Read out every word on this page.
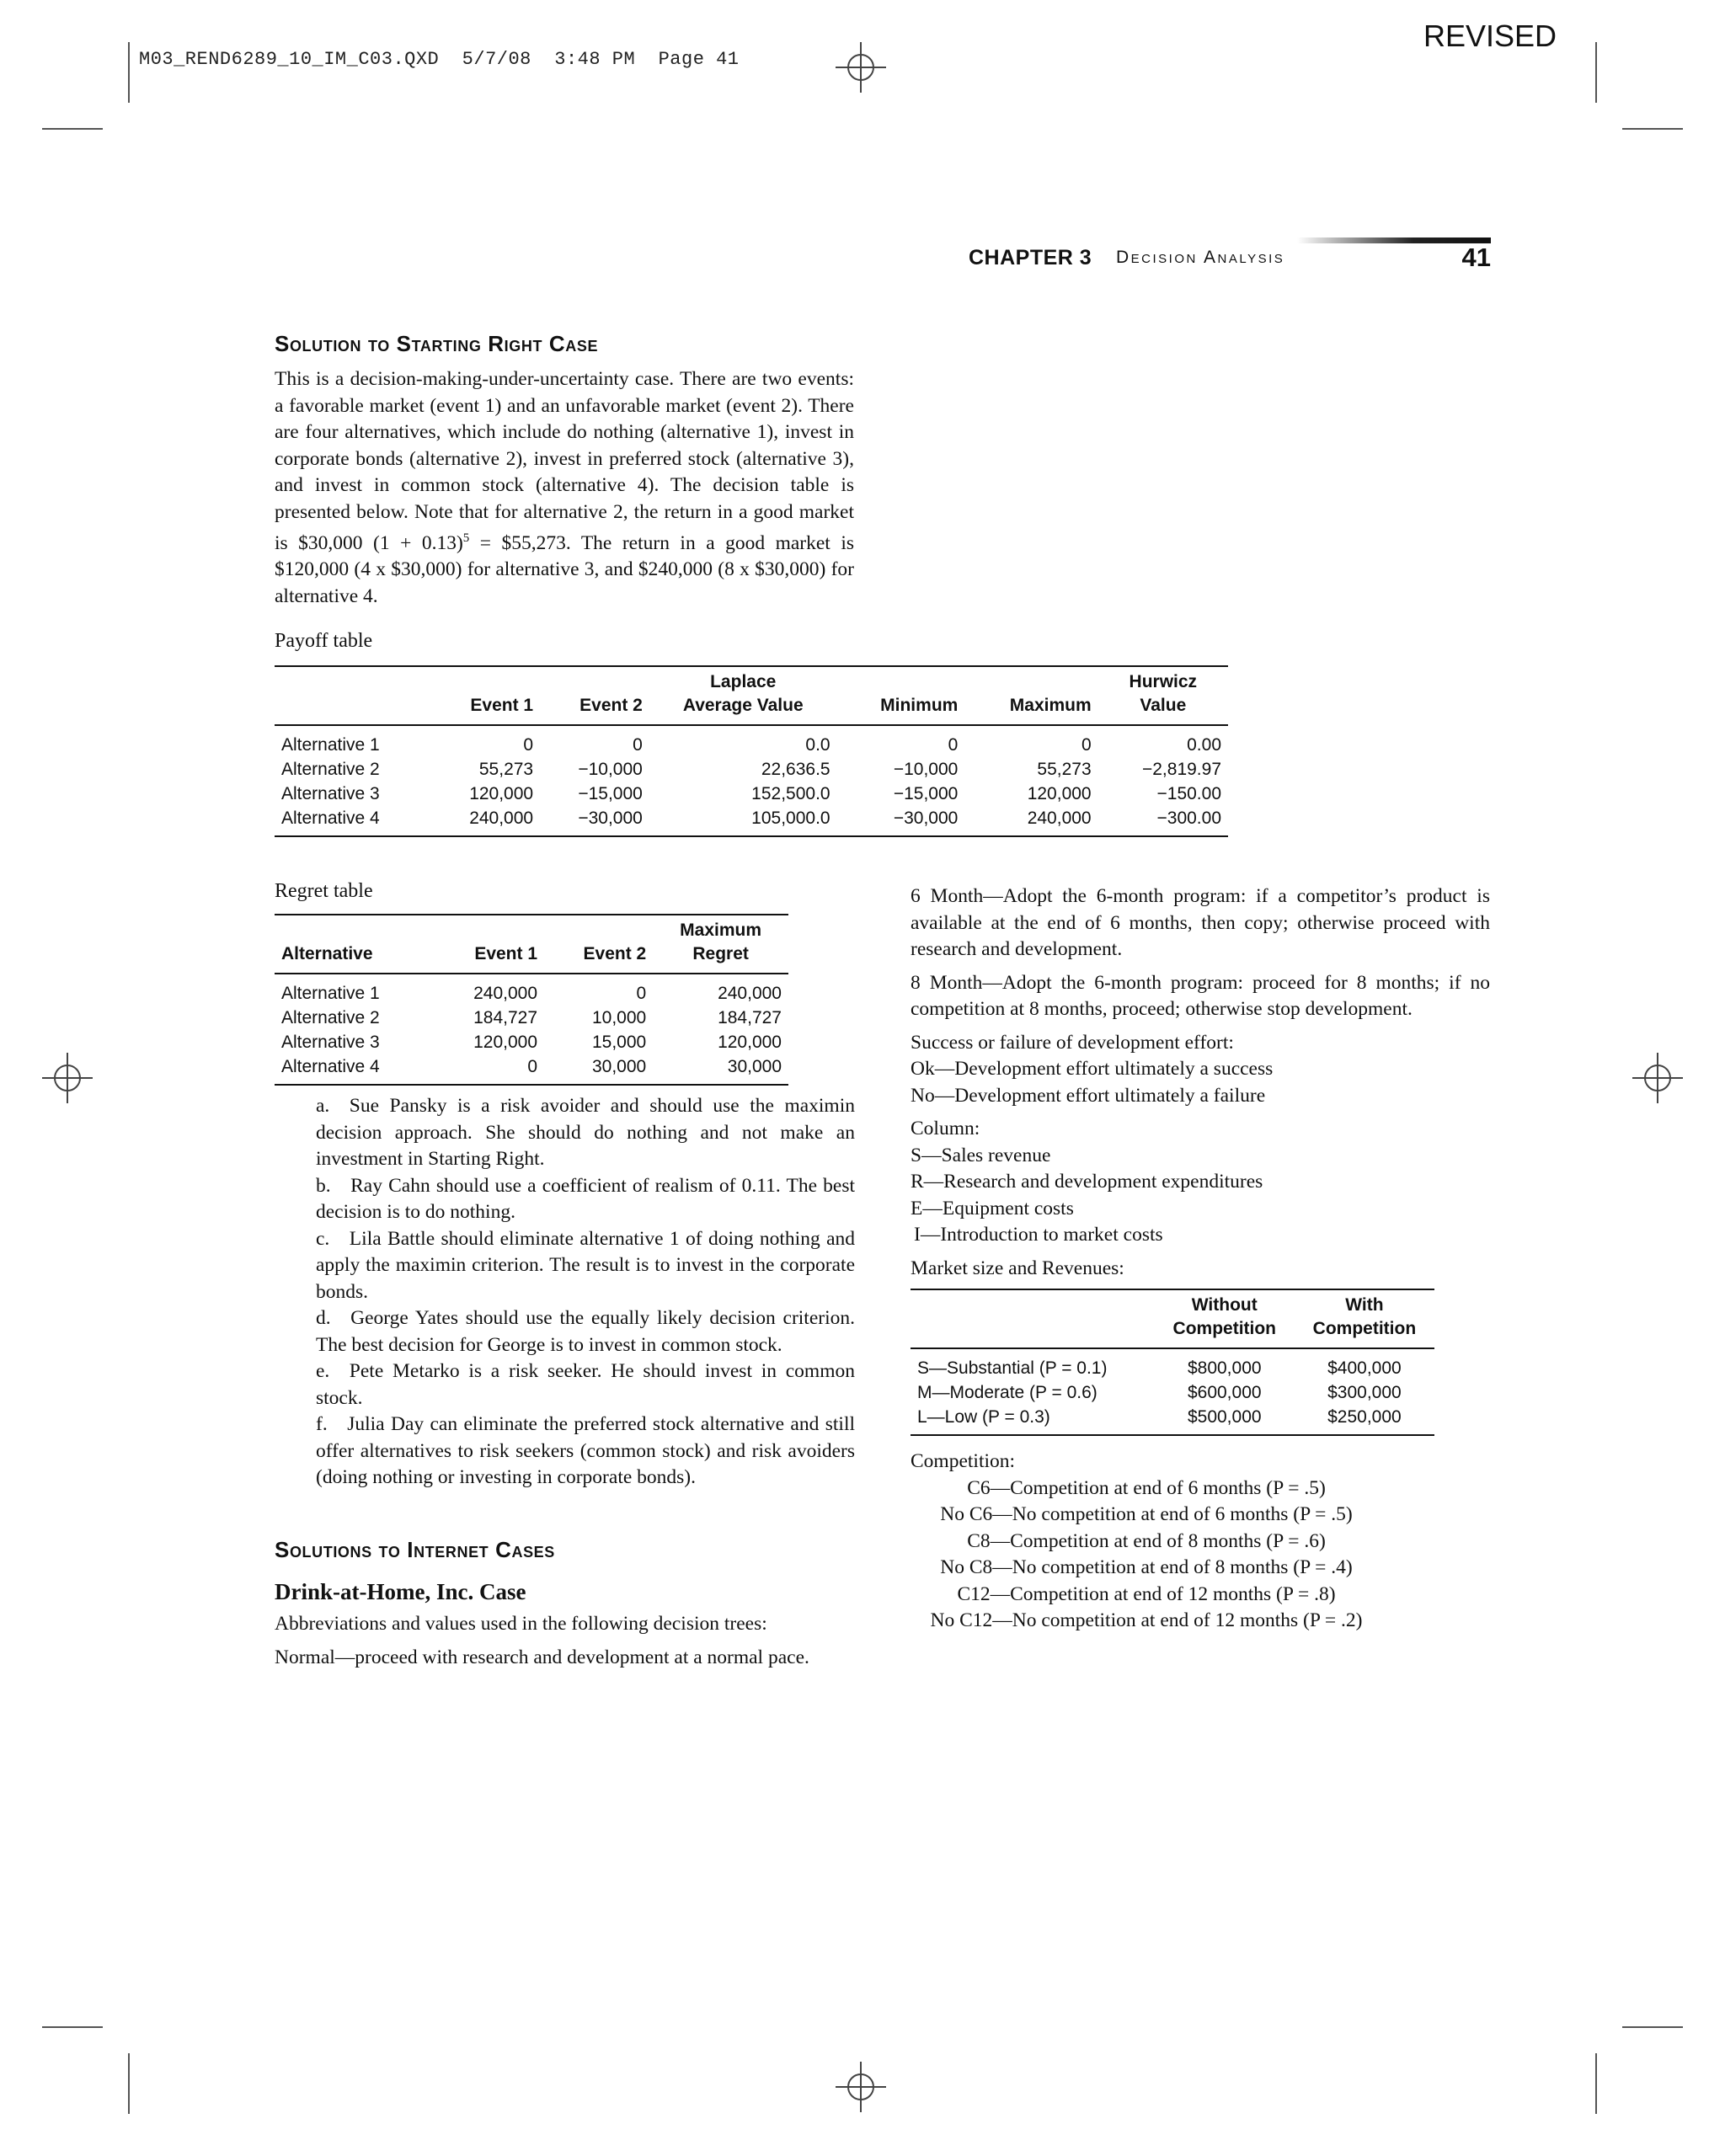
M03_REND6289_10_IM_C03.QXD  5/7/08  3:48 PM  Page 41
REVISED
CHAPTER 3 Decision Analysis	41
Solution to Starting Right Case

This is a decision-making-under-uncertainty case. There are two events: a favorable market (event 1) and an unfavorable market (event 2). There are four alternatives, which include do nothing (alternative 1), invest in corporate bonds (alternative 2), invest in preferred stock (alternative 3), and invest in common stock (alternative 4). The decision table is presented below. Note that for alternative 2, the return in a good market is $30,000 $(1 + 0.13)^5$ = $55,273. The return in a good market is $120,000 (4 x $30,000) for alternative 3, and $240,000 (8 x $30,000) for alternative 4.

Payoff table
			Laplace			Hurwicz
	Event 1	Event 2	Average Value	Minimum	Maximum	Value
Alternative 1	0	0	0.0	0	0	0.00
Alternative 2	55,273	−10,000	22,636.5	−10,000	55,273	−2,819.97
Alternative 3	120,000	−15,000	152,500.0	−15,000	120,000	−150.00
Alternative 4	240,000	−30,000	105,000.0	−30,000	240,000	−300.00
Regret table
			Maximum
Alternative	Event 1	Event 2	Regret
Alternative 1	240,000	0	240,000
Alternative 2	184,727	10,000	184,727
Alternative 3	120,000	15,000	120,000
Alternative 4	0	30,000	30,000

a. Sue Pansky is a risk avoider and should use the maximin decision approach. She should do nothing and not make an investment in Starting Right.

b. Ray Cahn should use a coefficient of realism of 0.11. The best decision is to do nothing.

c. Lila Battle should eliminate alternative 1 of doing nothing and apply the maximin criterion. The result is to invest in the corporate bonds.

d. George Yates should use the equally likely decision criterion. The best decision for George is to invest in common stock.

e. Pete Metarko is a risk seeker. He should invest in common stock.

f. Julia Day can eliminate the preferred stock alternative and still offer alternatives to risk seekers (common stock) and risk avoiders (doing nothing or investing in corporate bonds).

Solutions to Internet Cases
Drink-at-Home, Inc. Case

Abbreviations and values used in the following decision trees:

Normal—proceed with research and development at a normal pace.

6 Month—Adopt the 6-month program: if a competitor’s product is available at the end of 6 months, then copy; otherwise proceed with research and development.

8 Month—Adopt the 6-month program: proceed for 8 months; if no competition at 8 months, proceed; otherwise stop development.

Success or failure of development effort:

Ok—Development effort ultimately a success

No—Development effort ultimately a failure

Column:

S—Sales revenue

R—Research and development expenditures

E—Equipment costs

I—Introduction to market costs

Market size and Revenues:

	Without	With
	Competition	Competition
S—Substantial (P = 0.1)	$800,000	$400,000
M—Moderate (P = 0.6)	$600,000	$300,000
L—Low (P = 0.3)	$500,000	$250,000
Competition:
C6—Competition at end of 6 months (P = .5)
No C6—No competition at end of 6 months (P = .5)
C8—Competition at end of 8 months (P = .6)
No C8—No competition at end of 8 months (P = .4)
C12—Competition at end of 12 months (P = .8)
No C12—No competition at end of 12 months (P = .2)
